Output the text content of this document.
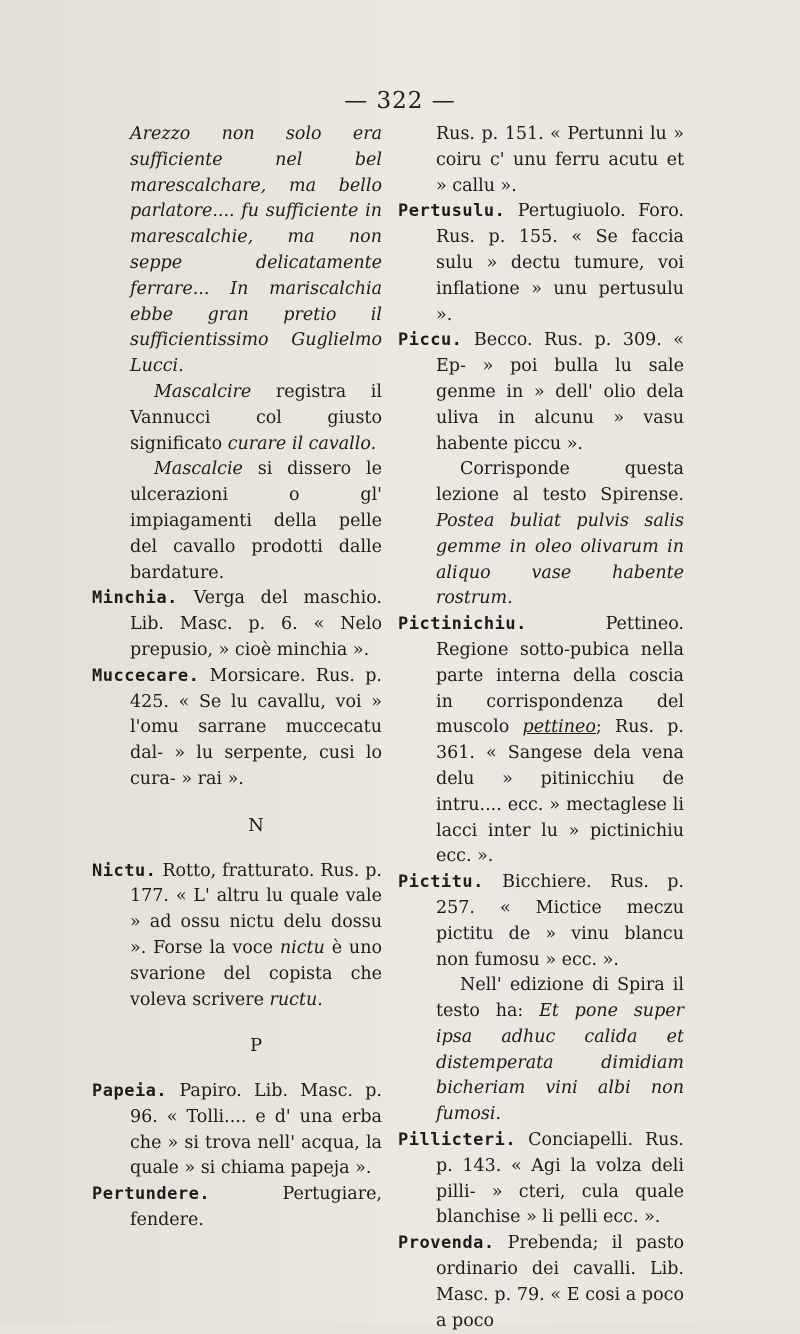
— 322 —

Arezzo non solo era sufficiente nel bel marescalchare, ma bello parlatore.... fu sufficiente in marescalchie, ma non seppe delicatamente ferrare... In mariscalchia ebbe gran pretio il sufficientissimo Guglielmo Lucci.

Mascalcire registra il Vannucci col giusto significato curare il cavallo.

Mascalcie si dissero le ulcerazioni o gl' impiagamenti della pelle del cavallo prodotti dalle bardature.

Minchia. Verga del maschio. Lib. Masc. p. 6. « Nelo prepusio, » cioè minchia ».

Muccecare. Morsicare. Rus. p. 425. « Se lu cavallu, voi » l'omu sarrane muccecatu dal- » lu serpente, cusi lo cura- » rai ».

N

Nictu. Rotto, fratturato. Rus. p. 177. « L' altru lu quale vale » ad ossu nictu delu dossu ». Forse la voce nictu è uno svarione del copista che voleva scrivere ructu.

P

Papeia. Papiro. Lib. Masc. p. 96. « Tolli.... e d' una erba che » si trova nell' acqua, la quale » si chiama papeja ».

Pertundere. Pertugiare, fendere.

Rus. p. 151. « Pertunni lu » coiru c' unu ferru acutu et » callu ».

Pertusulu. Pertugiuolo. Foro. Rus. p. 155. « Se faccia sulu » dectu tumure, voi inflatione » unu pertusulu ».

Piccu. Becco. Rus. p. 309. « Ep- » poi bulla lu sale genme in » dell' olio dela uliva in alcunu » vasu habente piccu ».

Corrisponde questa lezione al testo Spirense. Postea buliat pulvis salis gemme in oleo olivarum in aliquo vase habente rostrum.

Pictinichiu. Pettineo. Regione sotto-pubica nella parte interna della coscia in corrispondenza del muscolo pettineo; Rus. p. 361. « Sangese dela vena delu » pitinicchiu de intru.... ecc. » mectaglese li lacci inter lu » pictinichiu ecc. ».

Pictitu. Bicchiere. Rus. p. 257. « Mictice meczu pictitu de » vinu blancu non fumosu » ecc. ».

Nell' edizione di Spira il testo ha: Et pone super ipsa adhuc calida et distemperata dimidiam bicheriam vini albi non fumosi.

Pillicteri. Conciapelli. Rus. p. 143. « Agi la volza deli pilli- » cteri, cula quale blanchise » li pelli ecc. ».

Provenda. Prebenda; il pasto ordinario dei cavalli. Lib. Masc. p. 79. « E cosi a poco a poco
